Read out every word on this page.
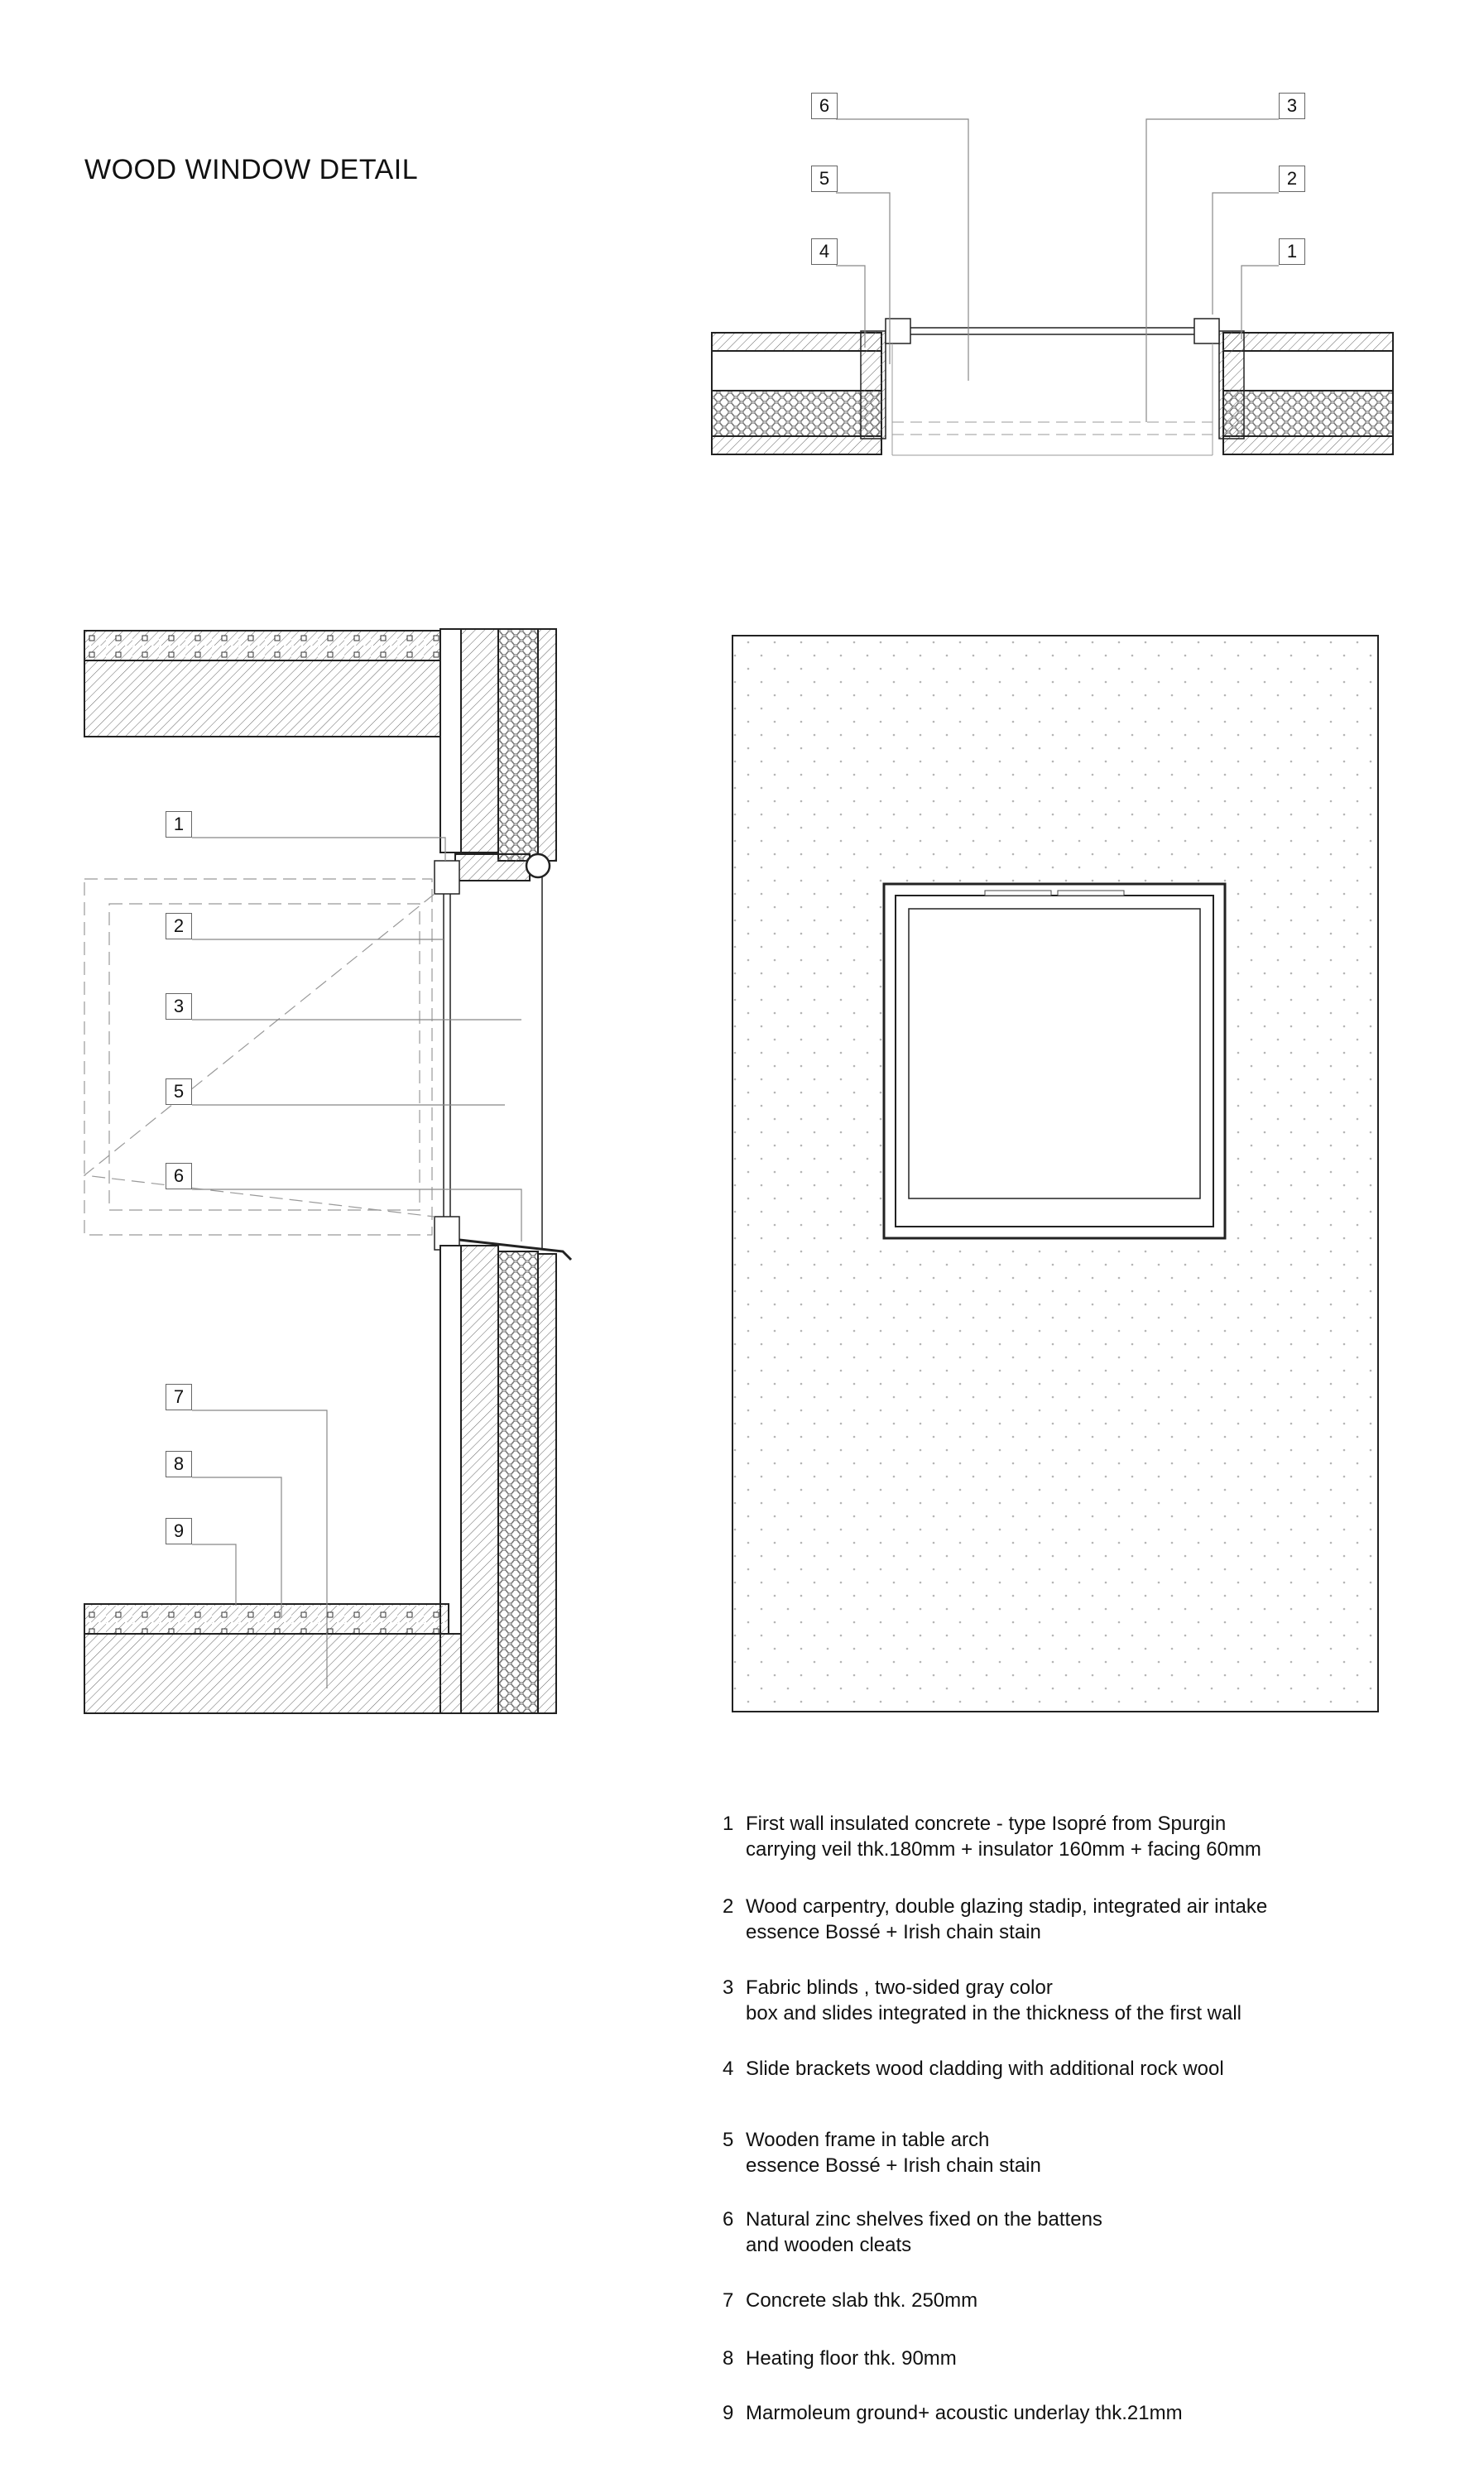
WOOD WINDOW DETAIL
6
5
4
3
2
1
1
2
3
5
6
7
8
9
1 First wall insulated concrete - type Isopré from Spurgin
carrying veil thk.180mm + insulator 160mm + facing 60mm
2 Wood carpentry, double glazing stadip, integrated air intake
essence Bossé + Irish chain stain
3 Fabric blinds , two-sided gray color
box and slides integrated in the thickness of the first wall
4 Slide brackets wood cladding with additional rock wool
5 Wooden frame in table arch
essence Bossé + Irish chain stain
6 Natural zinc shelves fixed on the battens
and wooden cleats
7 Concrete slab thk. 250mm
8 Heating floor thk. 90mm
9 Marmoleum ground+ acoustic underlay thk.21mm
